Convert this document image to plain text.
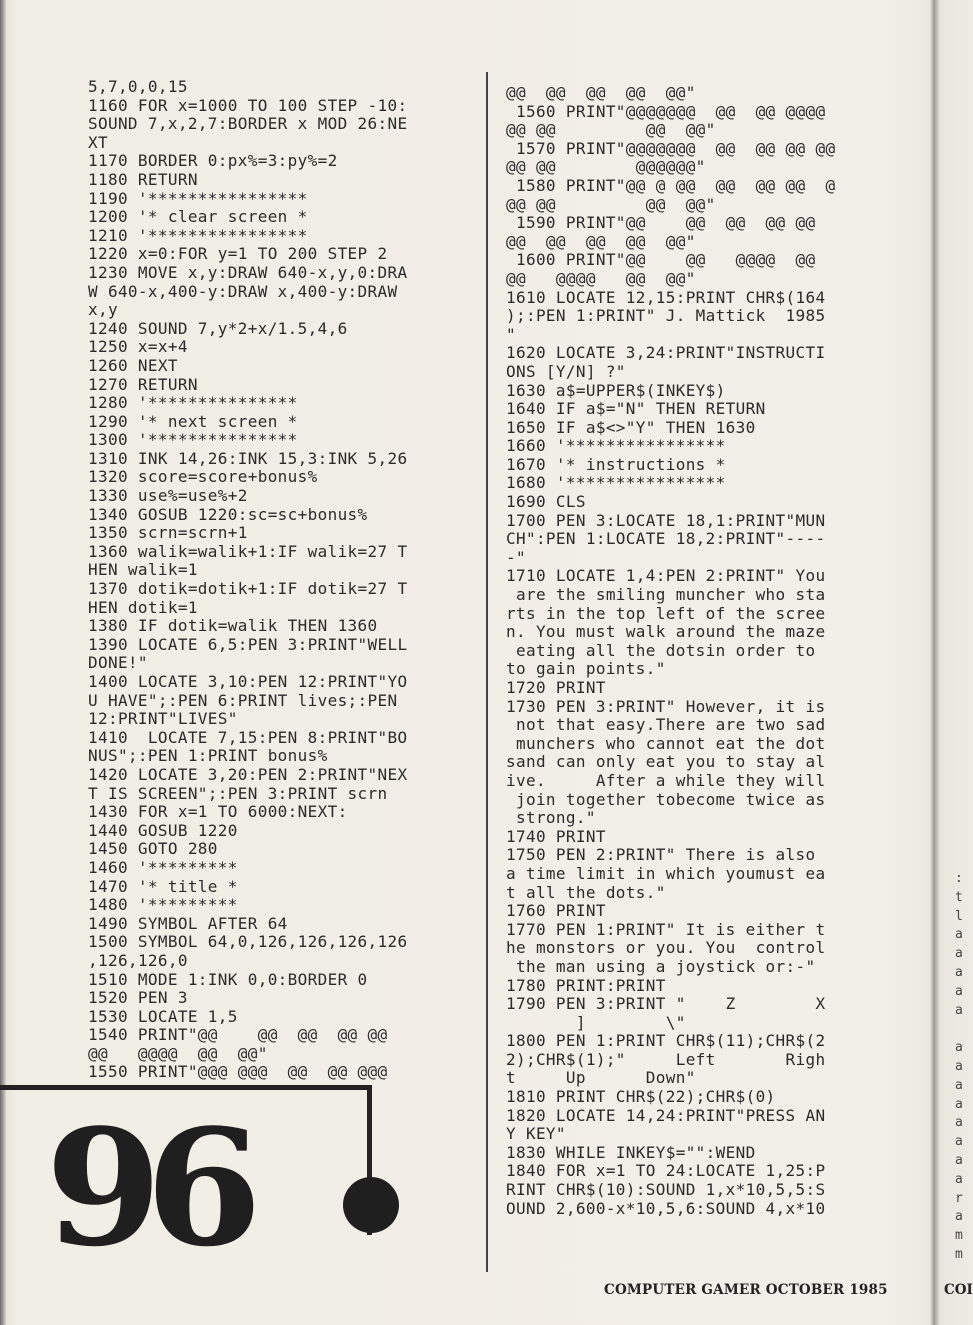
5,7,0,0,15
1160 FOR x=1000 TO 100 STEP -10:
SOUND 7,x,2,7:BORDER x MOD 26:NE
XT
1170 BORDER 0:px%=3:py%=2
1180 RETURN
1190 '****************
1200 '* clear screen *
1210 '****************
1220 x=0:FOR y=1 TO 200 STEP 2
1230 MOVE x,y:DRAW 640-x,y,0:DRA
W 640-x,400-y:DRAW x,400-y:DRAW
x,y
1240 SOUND 7,y*2+x/1.5,4,6
1250 x=x+4
1260 NEXT
1270 RETURN
1280 '***************
1290 '* next screen *
1300 '***************
1310 INK 14,26:INK 15,3:INK 5,26
1320 score=score+bonus%
1330 use%=use%+2
1340 GOSUB 1220:sc=sc+bonus%
1350 scrn=scrn+1
1360 walik=walik+1:IF walik=27 T
HEN walik=1
1370 dotik=dotik+1:IF dotik=27 T
HEN dotik=1
1380 IF dotik=walik THEN 1360
1390 LOCATE 6,5:PEN 3:PRINT"WELL
DONE!"
1400 LOCATE 3,10:PEN 12:PRINT"YO
U HAVE";:PEN 6:PRINT lives;:PEN
12:PRINT"LIVES"
1410  LOCATE 7,15:PEN 8:PRINT"BO
NUS";:PEN 1:PRINT bonus%
1420 LOCATE 3,20:PEN 2:PRINT"NEX
T IS SCREEN";:PEN 3:PRINT scrn
1430 FOR x=1 TO 6000:NEXT:
1440 GOSUB 1220
1450 GOTO 280
1460 '*********
1470 '* title *
1480 '*********
1490 SYMBOL AFTER 64
1500 SYMBOL 64,0,126,126,126,126
,126,126,0
1510 MODE 1:INK 0,0:BORDER 0
1520 PEN 3
1530 LOCATE 1,5
1540 PRINT"@@    @@  @@  @@ @@
@@   @@@@  @@  @@"
1550 PRINT"@@@ @@@  @@  @@ @@@
@@  @@  @@  @@  @@"
1560 PRINT"@@@@@@@  @@  @@ @@@@
@@ @@         @@  @@"
1570 PRINT"@@@@@@@  @@  @@ @@ @@
@@ @@        @@@@@@"
1580 PRINT"@@ @ @@  @@  @@ @@  @
@@ @@         @@  @@"
1590 PRINT"@@    @@  @@  @@ @@
@@  @@  @@  @@  @@"
1600 PRINT"@@    @@   @@@@  @@
@@   @@@@   @@  @@"
1610 LOCATE 12,15:PRINT CHR$(164
);:PEN 1:PRINT" J. Mattick  1985
"
1620 LOCATE 3,24:PRINT"INSTRUCTI
ONS [Y/N] ?"
1630 a$=UPPER$(INKEY$)
1640 IF a$="N" THEN RETURN
1650 IF a$<>"Y" THEN 1630
1660 '****************
1670 '* instructions *
1680 '****************
1690 CLS
1700 PEN 3:LOCATE 18,1:PRINT"MUN
CH":PEN 1:LOCATE 18,2:PRINT"----
-"
1710 LOCATE 1,4:PEN 2:PRINT" You
are the smiling muncher who sta
rts in the top left of the scree
n. You must walk around the maze
eating all the dotsin order to
to gain points."
1720 PRINT
1730 PEN 3:PRINT" However, it is
not that easy.There are two sad
munchers who cannot eat the dot
sand can only eat you to stay al
ive.     After a while they will
join together tobecome twice as
strong."
1740 PRINT
1750 PEN 2:PRINT" There is also
a time limit in which youmust ea
t all the dots."
1760 PRINT
1770 PEN 1:PRINT" It is either t
he monstors or you. You  control
the man using a joystick or:-"
1780 PRINT:PRINT
1790 PEN 3:PRINT "    Z        X
]        \"
1800 PEN 1:PRINT CHR$(11);CHR$(2
2);CHR$(1);"     Left       Righ
t     Up      Down"
1810 PRINT CHR$(22);CHR$(0)
1820 LOCATE 14,24:PRINT"PRESS AN
Y KEY"
1830 WHILE INKEY$="":WEND
1840 FOR x=1 TO 24:LOCATE 1,25:P
RINT CHR$(10):SOUND 1,x*10,5,5:S
OUND 2,600-x*10,5,6:SOUND 4,x*10
96
COMPUTER GAMER OCTOBER 1985	COI
:
t
l
a
a
a
a
a

a
a
a
a
a
a
a
a
r
a
m
m
